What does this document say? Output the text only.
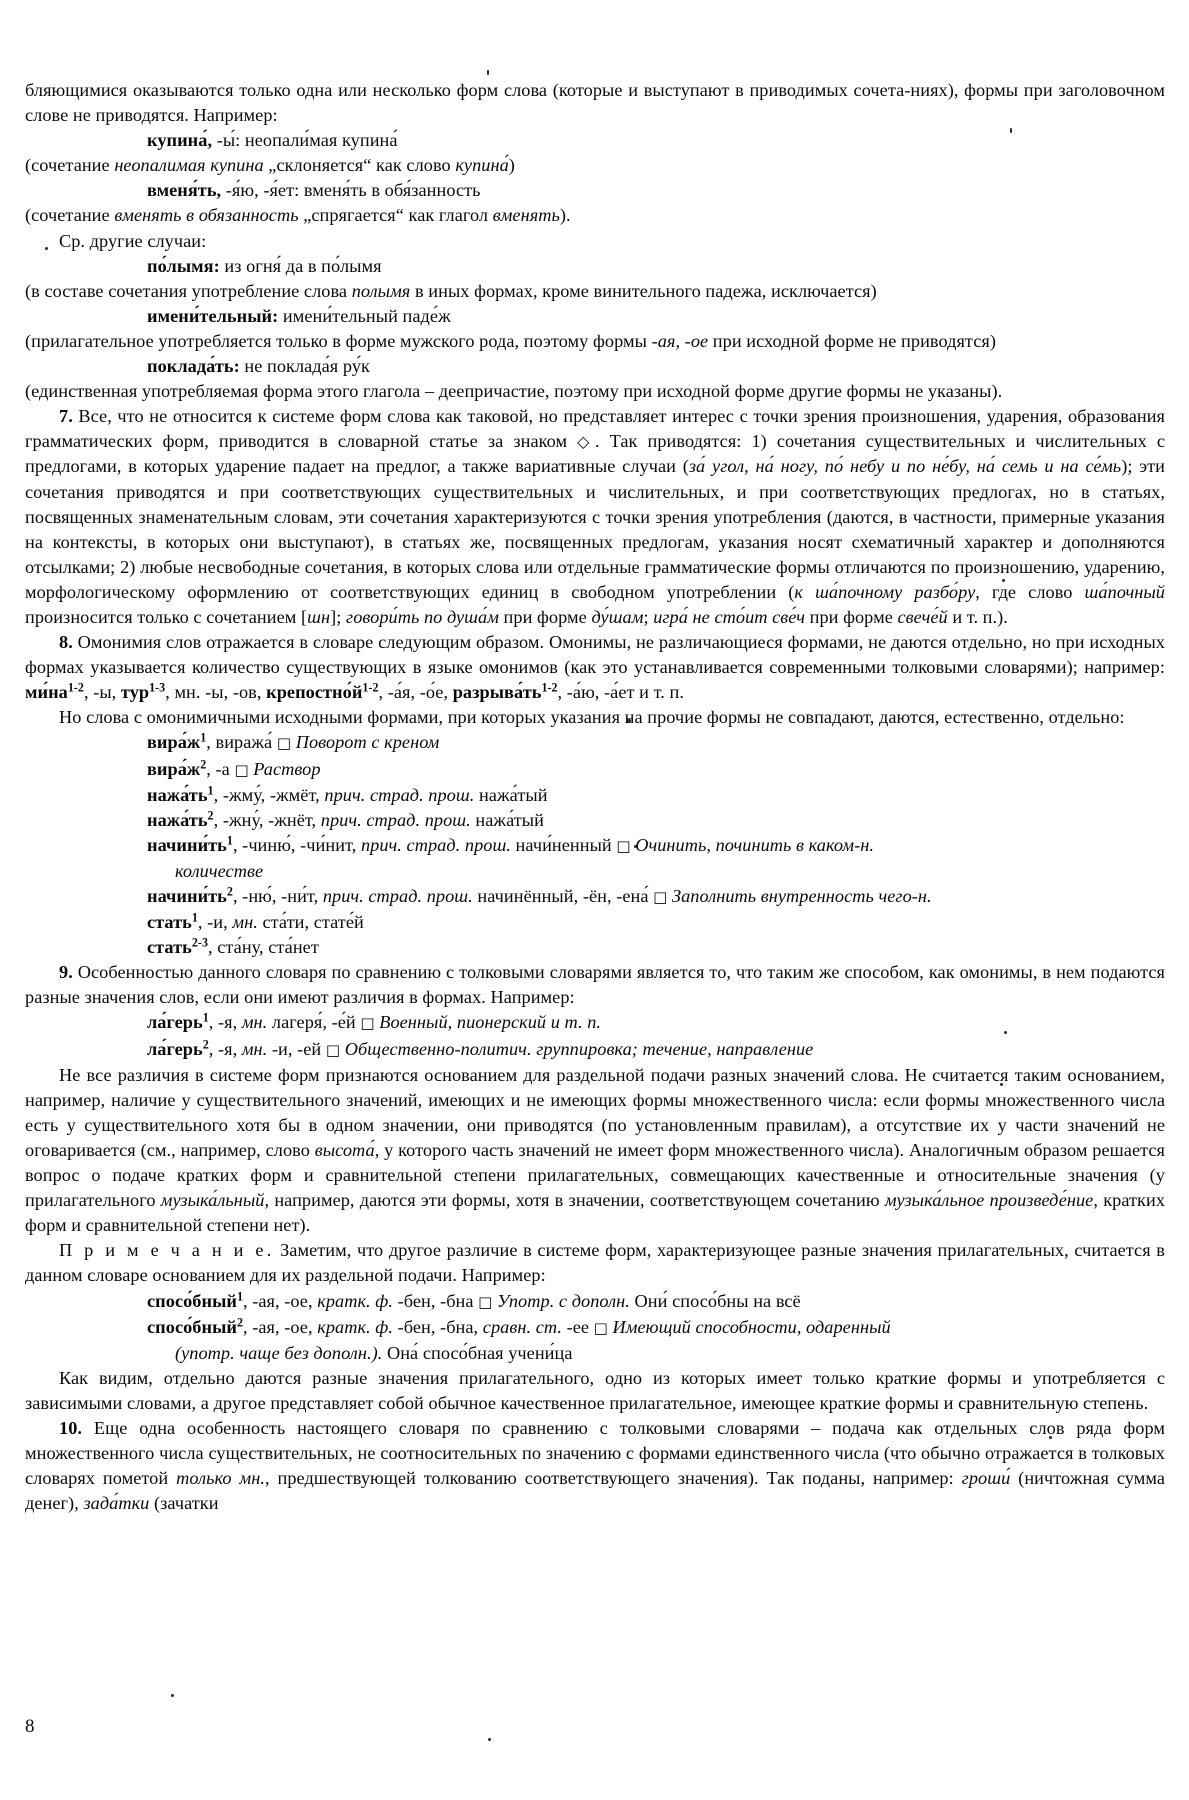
бляющимися оказываются только одна или несколько форм слова (которые и выступают в приводимых сочета-ниях), формы при заголовочном слове не приводятся. Например:

купина́, -ы́: неопали́мая купина́

(сочетание неопалимая купина „склоняется“ как слово купина́)

вменя́ть, -я́ю, -я́ет: вменя́ть в обя́занность

(сочетание вменять в обязанность „спрягается“ как глагол вменять).

Ср. другие случаи:

по́лымя: из огня́ да в по́лымя

(в составе сочетания употребление слова полымя в иных формах, кроме винительного падежа, исключается)

имени́тельный: имени́тельный паде́ж

(прилагательное употребляется только в форме мужского рода, поэтому формы -ая, -ое при исходной форме не приводятся)

поклада́ть: не поклада́я ру́к

(единственная употребляемая форма этого глагола – деепричастие, поэтому при исходной форме другие формы не указаны).

7. Все, что не относится к системе форм слова как таковой, но представляет интерес с точки зрения произношения, ударения, образования грамматических форм, приводится в словарной статье за знаком ◇. Так приводятся: 1) сочетания существительных и числительных с предлогами, в которых ударение падает на предлог, а также вариативные случаи (за́ угол, на́ ногу, по́ небу и по не́бу, на́ семь и на се́мь); эти сочетания приводятся и при соответствующих существительных и числительных, и при соответствующих предлогах, но в статьях, посвященных знаменательным словам, эти сочетания характеризуются с точки зрения употребления (даются, в частности, примерные указания на контексты, в которых они выступают), в статьях же, посвященных предлогам, указания носят схематичный характер и дополняются отсылками; 2) любые несвободные сочетания, в которых слова или отдельные грамматические формы отличаются по произношению, ударению, морфологическому оформлению от соответствующих единиц в свободном употреблении (к ша́почному разбо́ру, где слово ша́почный произносится только с сочетанием [шн]; говори́ть по душа́м при форме ду́шам; игра́ не сто́ит све́ч при форме свече́й и т. п.).

8. Омонимия слов отражается в словаре следующим образом. Омонимы, не различающиеся формами, не даются отдельно, но при исходных формах указывается количество существующих в языке омонимов (как это устанавливается современными толковыми словарями); например: $ми́на^{1-2}$, -ы, тур$^{1-3}$, мн. -ы, -ов, $крепостно́й^{1-2}$, -а́я, -о́е, $разрыва́ть^{1-2}$, -а́ю, -а́ет и т. п.

Но слова с омонимичными исходными формами, при которых указания на прочие формы не совпадают, даются, естественно, отдельно:

$вира́ж^1$, виража́ □ Поворот с креном

$вира́ж^2$, -а □ Раствор

$нажа́ть^1$, -жму́, -жмёт, прич. страд. прош. нажа́тый

$нажа́ть^2$, -жну́, -жнёт, прич. страд. прош. нажа́тый

$начини́ть^1$, -чиню́, -чи́нит, прич. страд. прош. начи́ненный □ Очинить, починить в каком-н.

количестве

$начини́ть^2$, -ню́, -ни́т, прич. страд. прош. начинённый, -ён, -ена́ □ Заполнить внутренность чего-н.

стать$^1$, -и, мн. ста́ти, стате́й

стать$^{2-3}$, ста́ну, ста́нет

9. Особенностью данного словаря по сравнению с толковыми словарями является то, что таким же способом, как омонимы, в нем подаются разные значения слов, если они имеют различия в формах. Например:

ла́герь$^1$, -я, мн. лагеря́, -е́й □ Военный, пионерский и т. п.

ла́герь$^2$, -я, мн. -и, -ей □ Общественно-политич. группировка; течение, направление

Не все различия в системе форм признаются основанием для раздельной подачи разных значений слова. Не считается таким основанием, например, наличие у существительного значений, имеющих и не имеющих формы множественного числа: если формы множественного числа есть у существительного хотя бы в одном значении, они приводятся (по установленным правилам), а отсутствие их у части значений не оговаривается (см., например, слово высота́, у которого часть значений не имеет форм множественного числа). Аналогичным образом решается вопрос о подаче кратких форм и сравнительной степени прилагательных, совмещающих качественные и относительные значения (у прилагательного музыка́льный, например, даются эти формы, хотя в значении, соответствующем сочетанию музыка́льное произведе́ние, кратких форм и сравнительной степени нет).

П р и м е ч а н и е. Заметим, что другое различие в системе форм, характеризующее разные значения прилагательных, считается в данном словаре основанием для их раздельной подачи. Например:

спосо́бный$^1$, -ая, -ое, кратк. ф. -бен, -бна □ Употр. с дополн. Они́ спосо́бны на всё

спосо́бный$^2$, -ая, -ое, кратк. ф. -бен, -бна, сравн. ст. -ее □ Имеющий способности, одаренный

(употр. чаще без дополн.). Она́ спосо́бная учени́ца

Как видим, отдельно даются разные значения прилагательного, одно из которых имеет только краткие формы и употребляется с зависимыми словами, а другое представляет собой обычное качественное прилагательное, имеющее краткие формы и сравнительную степень.

10. Еще одна особенность настоящего словаря по сравнению с толковыми словарями – подача как отдельных слов ряда форм множественного числа существительных, не соотносительных по значению с формами единственного числа (что обычно отражается в толковых словарях пометой только мн., предшествующей толкованию соответствующего значения). Так поданы, например: гроши́ (ничтожная сумма денег), зада́тки (зачатки

8
